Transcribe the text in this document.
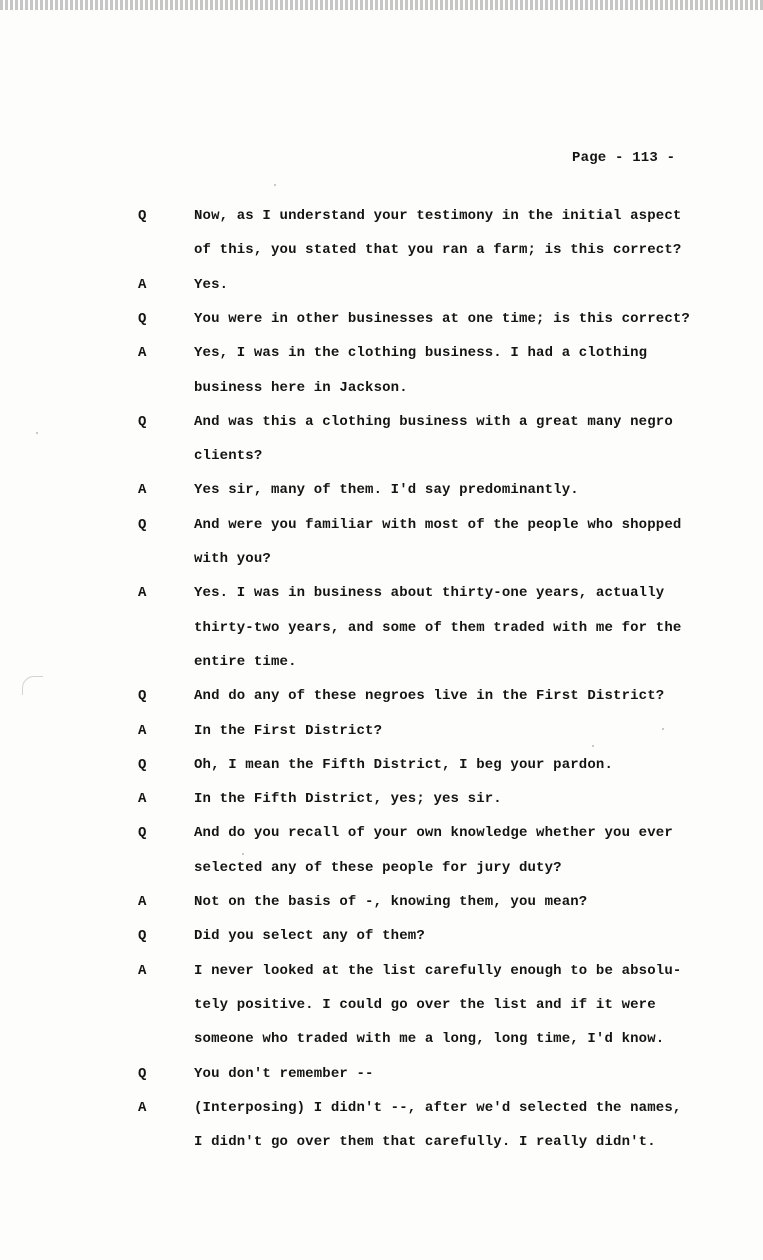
Page - 113 -
Q	Now, as I understand your testimony in the initial aspect
of this, you stated that you ran a farm; is this correct?
A	Yes.
Q	You were in other businesses at one time; is this correct?
A	Yes, I was in the clothing business. I had a clothing
business here in Jackson.
Q	And was this a clothing business with a great many negro
clients?
A	Yes sir, many of them. I'd say predominantly.
Q	And were you familiar with most of the people who shopped
with you?
A	Yes. I was in business about thirty-one years, actually
thirty-two years, and some of them traded with me for the
entire time.
Q	And do any of these negroes live in the First District?
A	In the First District?
Q	Oh, I mean the Fifth District, I beg your pardon.
A	In the Fifth District, yes; yes sir.
Q	And do you recall of your own knowledge whether you ever
selected any of these people for jury duty?
A	Not on the basis of -, knowing them, you mean?
Q	Did you select any of them?
A	I never looked at the list carefully enough to be absolu-
tely positive. I could go over the list and if it were
someone who traded with me a long, long time, I'd know.
Q	You don't remember --
A	(Interposing) I didn't --, after we'd selected the names,
I didn't go over them that carefully. I really didn't.
